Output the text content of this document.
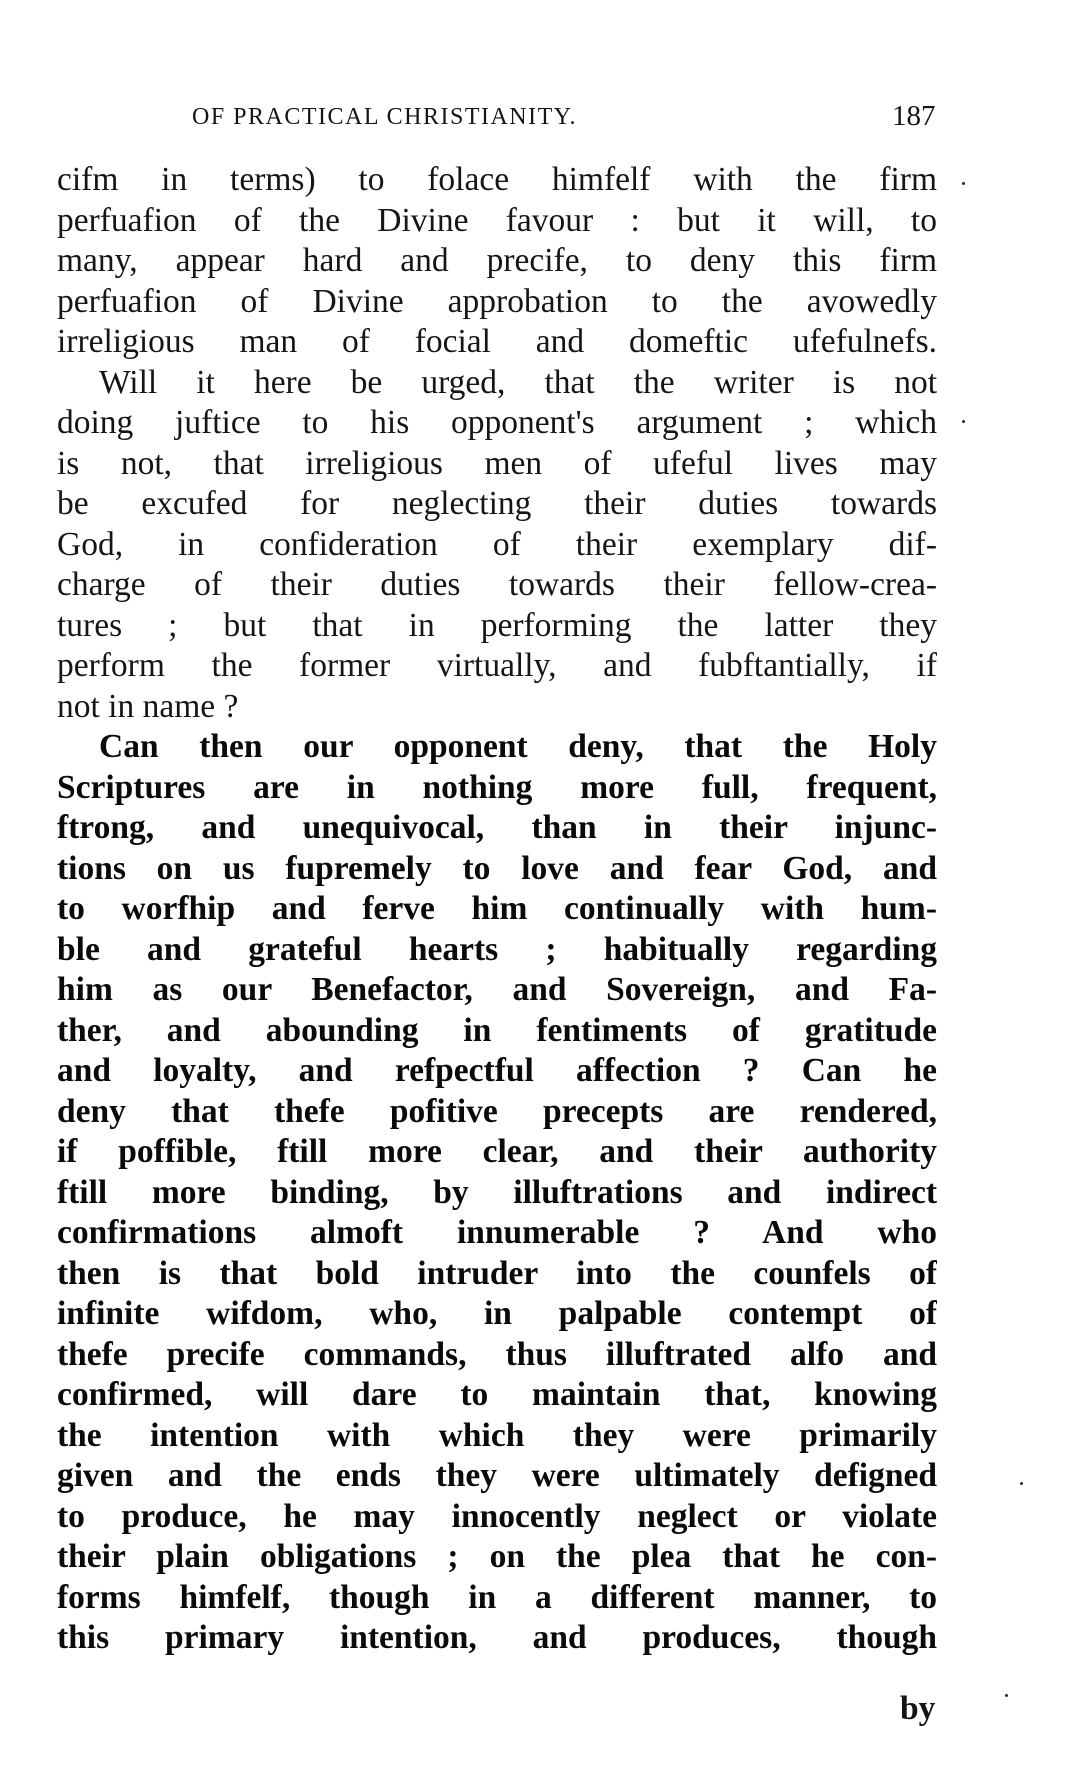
OF PRACTICAL CHRISTIANITY.	187
cifm in terms) to folace himfelf with the firm
perfuafion of the Divine favour : but it will, to
many, appear hard and precife, to deny this firm
perfuafion of Divine approbation to the avowedly
irreligious man of focial and domeftic ufefulnefs.
Will it here be urged, that the writer is not
doing juftice to his opponent's argument ; which
is not, that irreligious men of ufeful lives may
be excufed for neglecting their duties towards
God, in confideration of their exemplary dif-
charge of their duties towards their fellow-crea-
tures ; but that in performing the latter they
perform the former virtually, and fubftantially, if
not in name ?
Can then our opponent deny, that the Holy
Scriptures are in nothing more full, frequent,
ftrong, and unequivocal, than in their injunc-
tions on us fupremely to love and fear God, and
to worfhip and ferve him continually with hum-
ble and grateful hearts ; habitually regarding
him as our Benefactor, and Sovereign, and Fa-
ther, and abounding in fentiments of gratitude
and loyalty, and refpectful affection ? Can he
deny that thefe pofitive precepts are rendered,
if poffible, ftill more clear, and their authority
ftill more binding, by illuftrations and indirect
confirmations almoft innumerable ? And who
then is that bold intruder into the counfels of
infinite wifdom, who, in palpable contempt of
thefe precife commands, thus illuftrated alfo and
confirmed, will dare to maintain that, knowing
the intention with which they were primarily
given and the ends they were ultimately defigned
to produce, he may innocently neglect or violate
their plain obligations ; on the plea that he con-
forms himfelf, though in a different manner, to
this primary intention, and produces, though
by
